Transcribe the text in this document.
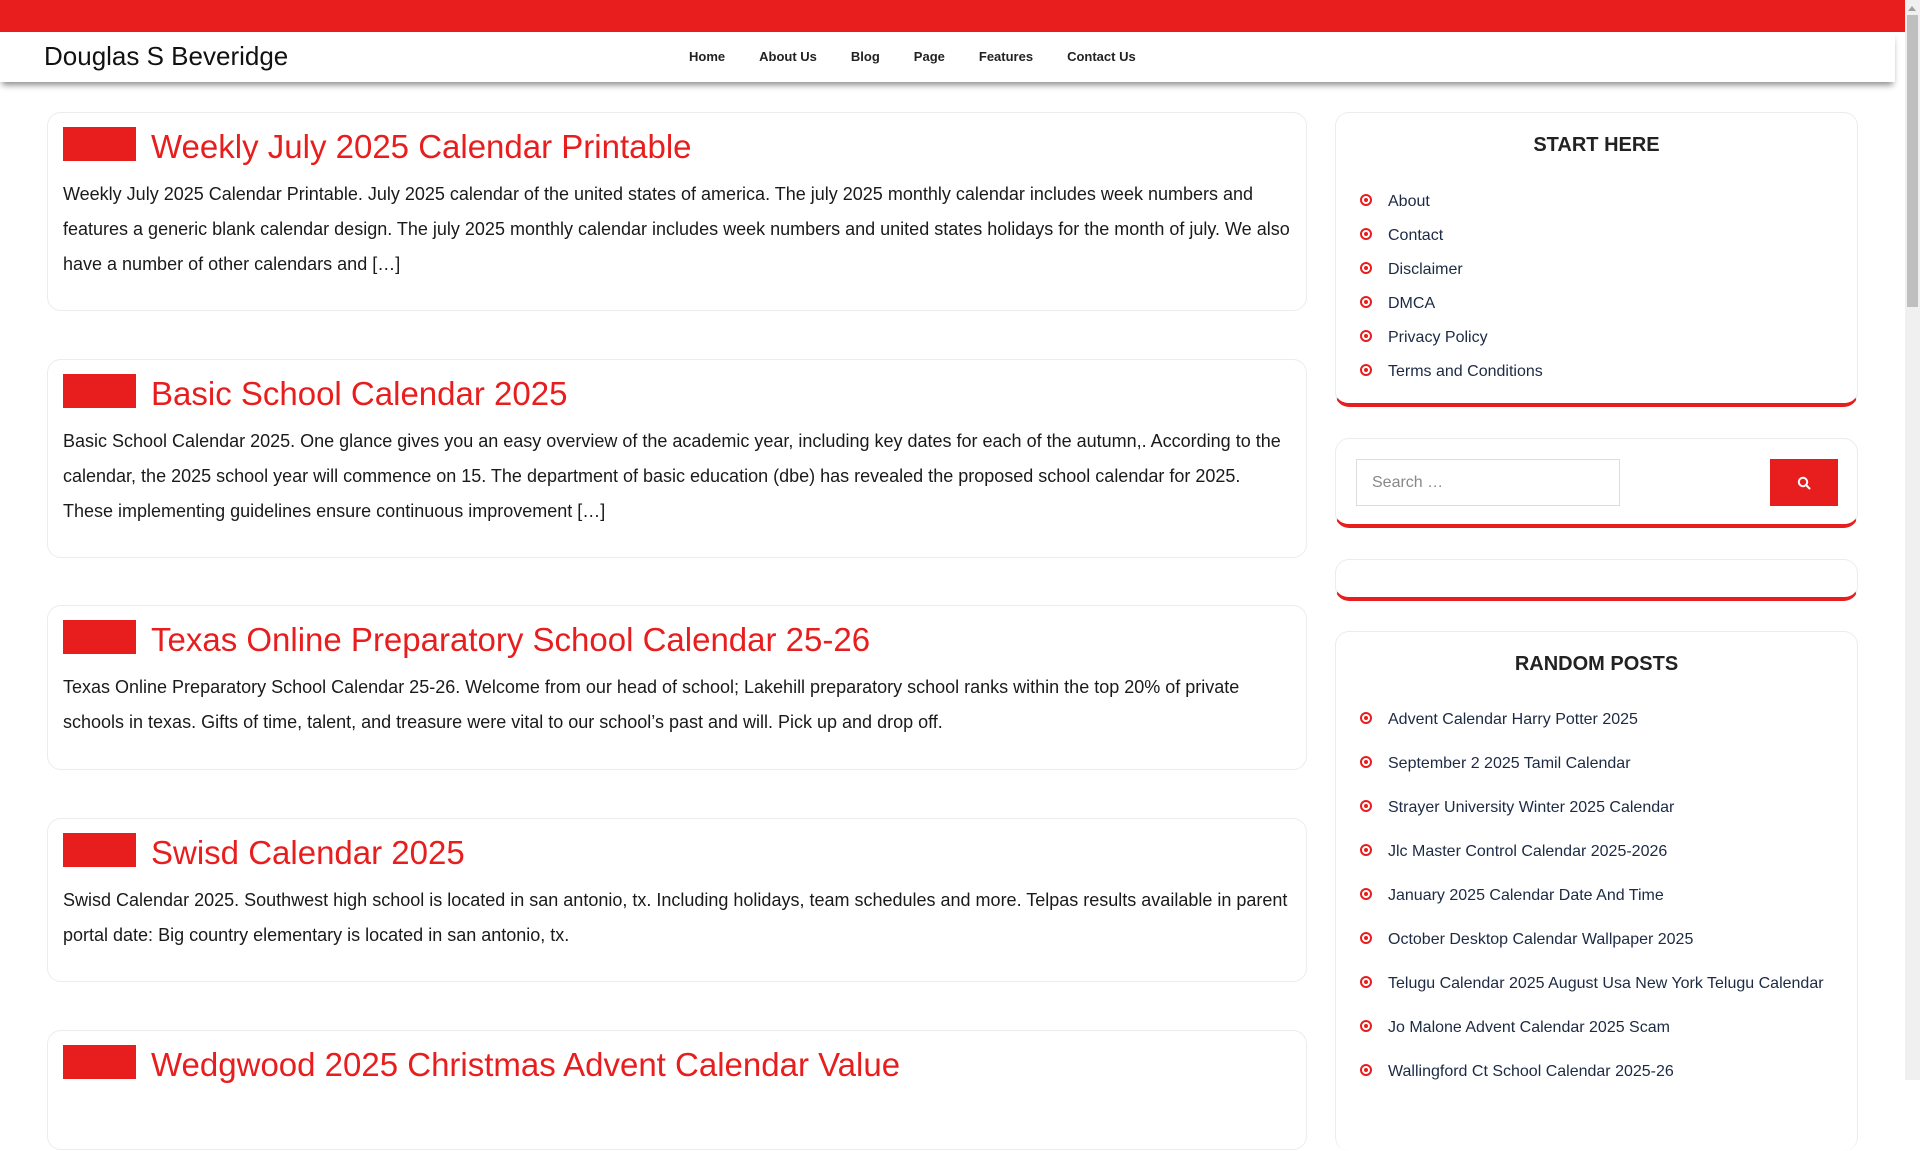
Douglas S Beveridge	Home	About Us	Blog	Page	Features	Contact Us
Weekly July 2025 Calendar Printable

Weekly July 2025 Calendar Printable. July 2025 calendar of the united states of america. The july 2025 monthly calendar includes week numbers and features a generic blank calendar design. The july 2025 monthly calendar includes week numbers and united states holidays for the month of july. We also have a number of other calendars and […]

Basic School Calendar 2025

Basic School Calendar 2025. One glance gives you an easy overview of the academic year, including key dates for each of the autumn,. According to the calendar, the 2025 school year will commence on 15. The department of basic education (dbe) has revealed the proposed school calendar for 2025. These implementing guidelines ensure continuous improvement […]

Texas Online Preparatory School Calendar 25-26

Texas Online Preparatory School Calendar 25-26. Welcome from our head of school; Lakehill preparatory school ranks within the top 20% of private schools in texas. Gifts of time, talent, and treasure were vital to our school’s past and will. Pick up and drop off.

Swisd Calendar 2025

Swisd Calendar 2025. Southwest high school is located in san antonio, tx. Including holidays, team schedules and more. Telpas results available in parent portal date: Big country elementary is located in san antonio, tx.

Wedgwood 2025 Christmas Advent Calendar Value
START HERE
About
Contact
Disclaimer
DMCA
Privacy Policy
Terms and Conditions
Search …
RANDOM POSTS
Advent Calendar Harry Potter 2025
September 2 2025 Tamil Calendar
Strayer University Winter 2025 Calendar
Jlc Master Control Calendar 2025-2026
January 2025 Calendar Date And Time
October Desktop Calendar Wallpaper 2025
Telugu Calendar 2025 August Usa New York Telugu Calendar
Jo Malone Advent Calendar 2025 Scam
Wallingford Ct School Calendar 2025-26
